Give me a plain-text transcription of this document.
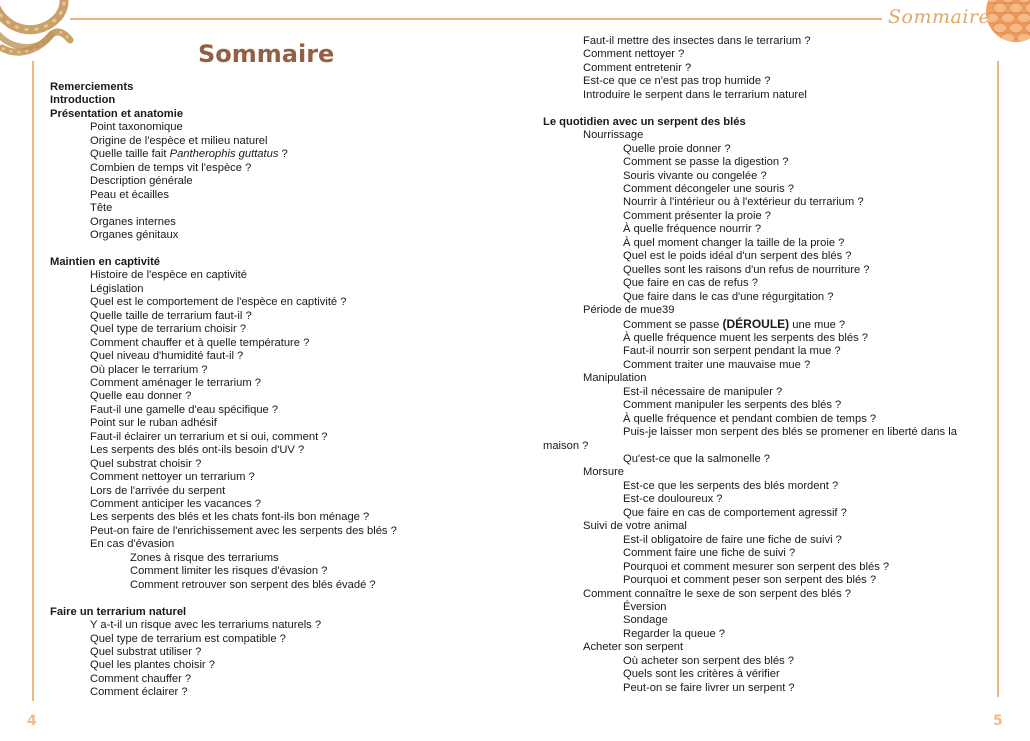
Sommaire
Sommaire
Remerciements
Introduction
Présentation et anatomie
Point taxonomique
Origine de l'espèce et milieu naturel
Quelle taille fait Pantherophis guttatus ?
Combien de temps vit l'espèce ?
Description générale
Peau et écailles
Tête
Organes internes
Organes génitaux
Maintien en captivité
Histoire de l'espèce en captivité
Législation
Quel est le comportement de l'espèce en captivité ?
Quelle taille de terrarium faut-il ?
Quel type de terrarium choisir ?
Comment chauffer et à quelle température ?
Quel niveau d'humidité faut-il ?
Où placer le terrarium ?
Comment aménager le terrarium ?
Quelle eau donner ?
Faut-il une gamelle d'eau spécifique ?
Point sur le ruban adhésif
Faut-il éclairer un terrarium et si oui, comment ?
Les serpents des blés ont-ils besoin d'UV ?
Quel substrat choisir ?
Comment nettoyer un terrarium ?
Lors de l'arrivée du serpent
Comment anticiper les vacances ?
Les serpents des blés et les chats font-ils bon ménage ?
Peut-on faire de l'enrichissement avec les serpents des blés ?
En cas d'évasion
Zones à risque des terrariums
Comment limiter les risques d'évasion ?
Comment retrouver son serpent des blés évadé ?
Faire un terrarium naturel
Y a-t-il un risque avec les terrariums naturels ?
Quel type de terrarium est compatible ?
Quel substrat utiliser ?
Quel les plantes choisir ?
Comment chauffer ?
Comment éclairer ?
Faut-il mettre des insectes dans le terrarium ?
Comment nettoyer ?
Comment entretenir ?
Est-ce que ce n'est pas trop humide ?
Introduire le serpent dans le terrarium naturel
Le quotidien avec un serpent des blés
Nourrissage
Quelle proie donner ?
Comment se passe la digestion ?
Souris vivante ou congelée ?
Comment décongeler une souris ?
Nourrir à l'intérieur ou à l'extérieur du terrarium ?
Comment présenter la proie ?
À quelle fréquence nourrir ?
À quel moment changer la taille de la proie ?
Quel est le poids idéal d'un serpent des blés ?
Quelles sont les raisons d'un refus de nourriture ?
Que faire en cas de refus ?
Que faire dans le cas d'une régurgitation ?
Période de mue39
Comment se passe (DÉROULE) une mue ?
À quelle fréquence muent les serpents des blés ?
Faut-il nourrir son serpent pendant la mue ?
Comment traiter une mauvaise mue ?
Manipulation
Est-il nécessaire de manipuler ?
Comment manipuler les serpents des blés ?
À quelle fréquence et pendant combien de temps ?
Puis-je laisser mon serpent des blés se promener en liberté dans la
maison ?
Qu'est-ce que la salmonelle ?
Morsure
Est-ce que les serpents des blés mordent ?
Est-ce douloureux ?
Que faire en cas de comportement agressif ?
Suivi de votre animal
Est-il obligatoire de faire une fiche de suivi ?
Comment faire une fiche de suivi ?
Pourquoi et comment mesurer son serpent des blés ?
Pourquoi et comment peser son serpent des blés ?
Comment connaître le sexe de son serpent des blés ?
Éversion
Sondage
Regarder la queue ?
Acheter son serpent
Où acheter son serpent des blés ?
Quels sont les critères à vérifier
Peut-on se faire livrer un serpent ?
4	5
